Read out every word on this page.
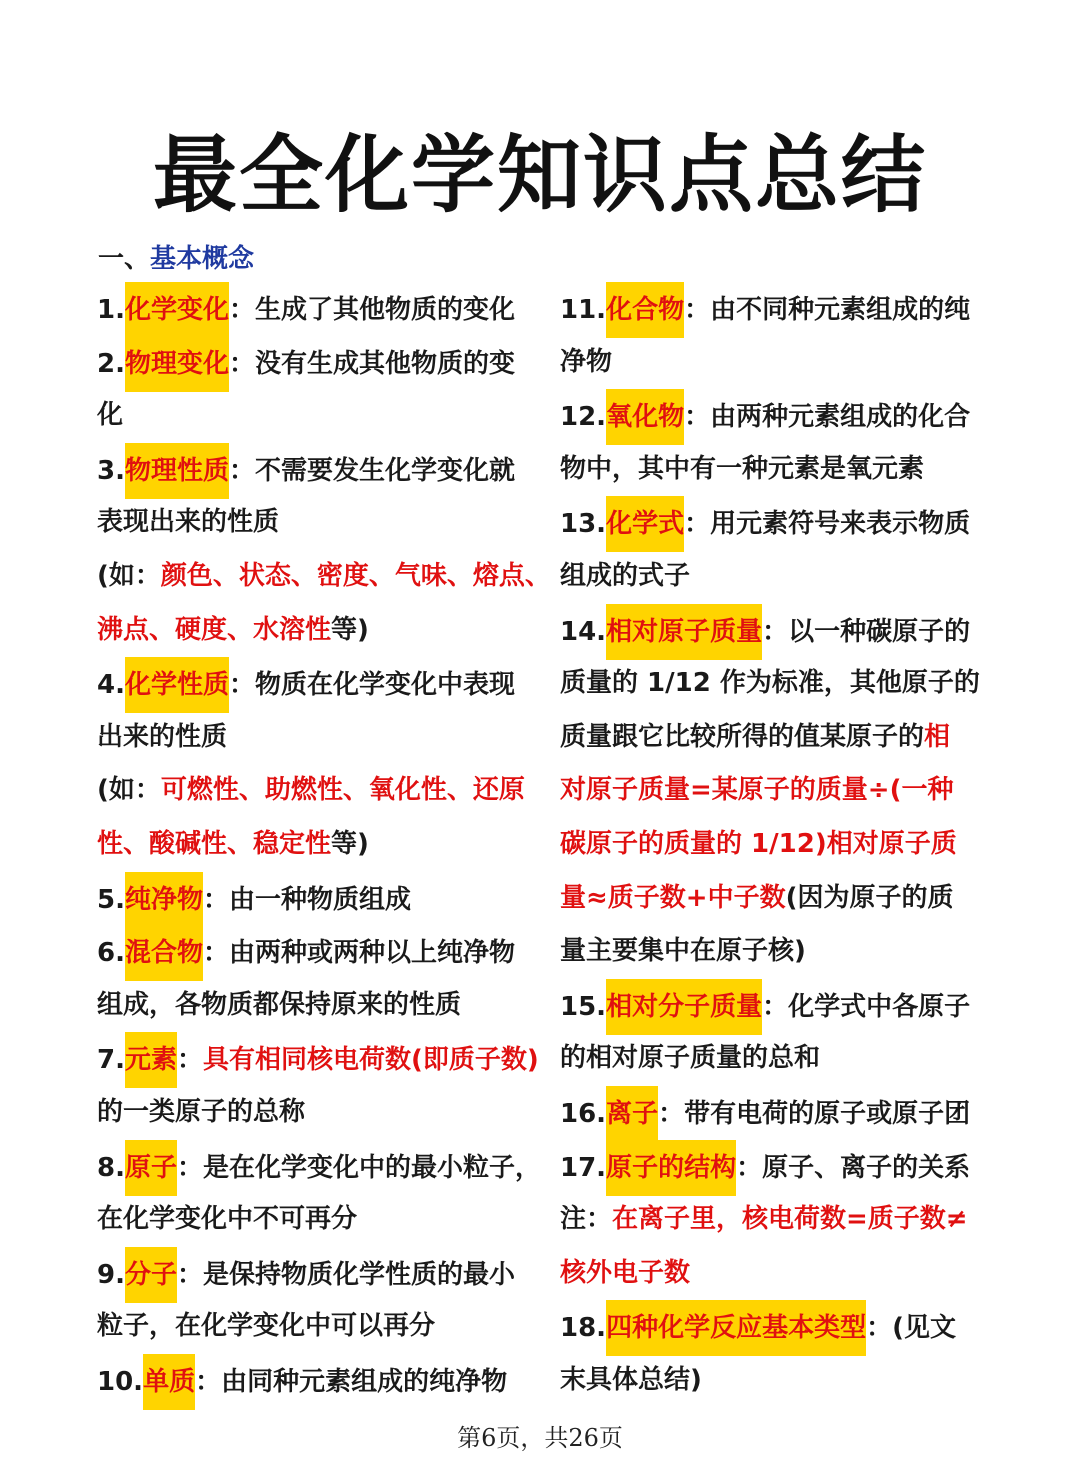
最全化学知识点总结
一、基本概念
1.化学变化：生成了其他物质的变化
2.物理变化：没有生成其他物质的变
化
3.物理性质：不需要发生化学变化就
表现出来的性质
(如：颜色、状态、密度、气味、熔点、
沸点、硬度、水溶性等)
4.化学性质：物质在化学变化中表现
出来的性质
(如：可燃性、助燃性、氧化性、还原
性、酸碱性、稳定性等)
5.纯净物：由一种物质组成
6.混合物：由两种或两种以上纯净物
组成，各物质都保持原来的性质
7.元素：具有相同核电荷数(即质子数)
的一类原子的总称
8.原子：是在化学变化中的最小粒子，
在化学变化中不可再分
9.分子：是保持物质化学性质的最小
粒子，在化学变化中可以再分
10.单质：由同种元素组成的纯净物
11.化合物：由不同种元素组成的纯
净物
12.氧化物：由两种元素组成的化合
物中，其中有一种元素是氧元素
13.化学式：用元素符号来表示物质
组成的式子
14.相对原子质量：以一种碳原子的
质量的 1/12 作为标准，其他原子的
质量跟它比较所得的值某原子的相
对原子质量=某原子的质量÷(一种
碳原子的质量的 1/12)相对原子质
量≈质子数+中子数(因为原子的质
量主要集中在原子核)
15.相对分子质量：化学式中各原子
的相对原子质量的总和
16.离子：带有电荷的原子或原子团
17.原子的结构：原子、离子的关系
注：在离子里，核电荷数=质子数≠
核外电子数
18.四种化学反应基本类型：(见文
末具体总结)
第6页，共26页
